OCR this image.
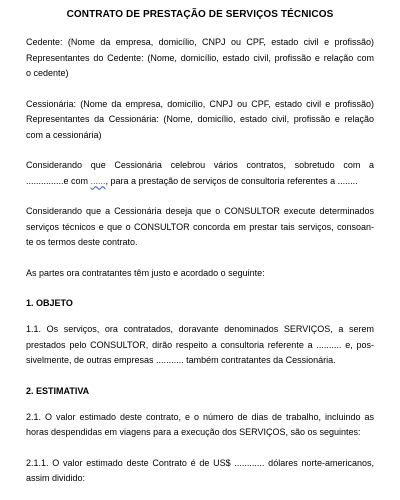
CONTRATO DE PRESTAÇÃO DE SERVIÇOS TÉCNICOS
Cedente: (Nome da empresa, domicílio, CNPJ ou CPF, estado civil e profissão)
Representantes do Cedente: (Nome, domicílio, estado civil, profissão e relação com
o cedente)
Cessionária: (Nome da empresa, domicílio, CNPJ ou CPF, estado civil e profissão)
Representantes da Cessionária: (Nome, domicílio, estado civil, profissão e relação
com a cessionária)
Considerando que Cessionária celebrou vários contratos, sobretudo com a
...............e com ......, para a prestação de serviços de consultoria referentes a ........
Considerando que a Cessionária deseja que o CONSULTOR execute determinados
serviços técnicos e que o CONSULTOR concorda em prestar tais serviços, consoan-
te os termos deste contrato.
As partes ora contratantes têm justo e acordado o seguinte:
1. OBJETO
1.1. Os serviços, ora contratados, doravante denominados SERVIÇOS, a serem
prestados pelo CONSULTOR, dirão respeito a consultoria referente a .......... e, pos-
sivelmente, de outras empresas ........... também contratantes da Cessionária.
2. ESTIMATIVA
2.1. O valor estimado deste contrato, e o número de dias de trabalho, incluindo as
horas despendidas em viagens para a execução dos SERVIÇOS, são os seguintes:
2.1.1. O valor estimado deste Contrato é de US$ ............ dólares norte-americanos,
assim dividido:
